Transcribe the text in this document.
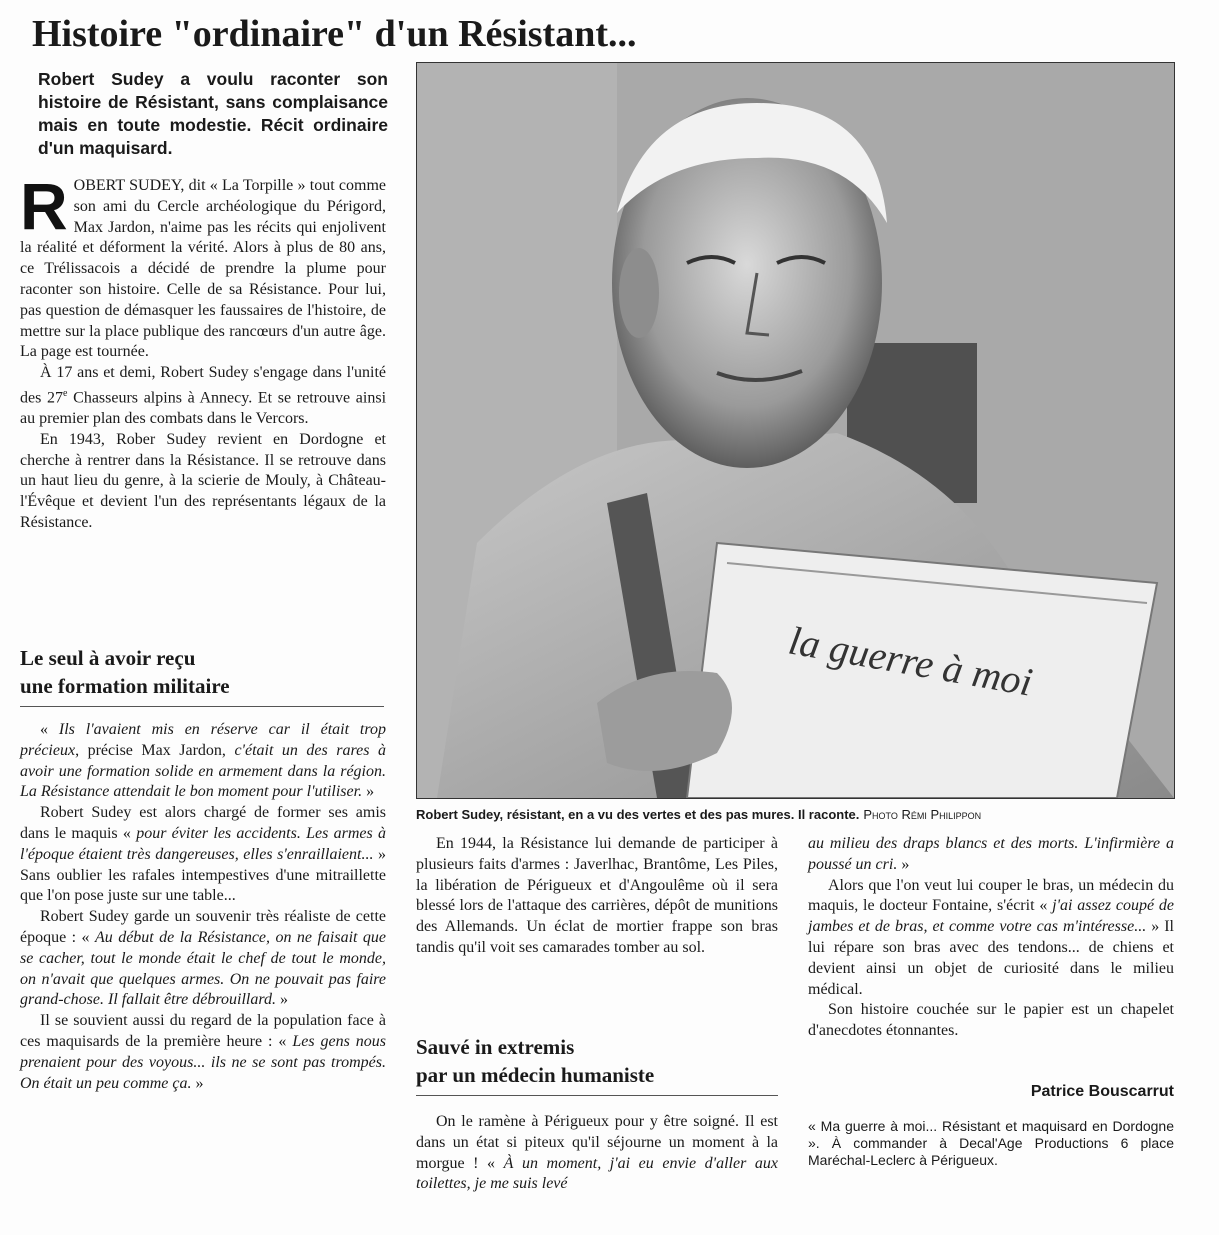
Histoire "ordinaire" d'un Résistant...

Robert Sudey a voulu raconter son histoire de Résistant, sans complaisance mais en toute modestie. Récit ordinaire d'un maquisard.

ROBERT SUDEY, dit « La Torpille » tout comme son ami du Cercle archéologique du Périgord, Max Jardon, n'aime pas les récits qui enjolivent la réalité et déforment la vérité. Alors à plus de 80 ans, ce Trélissacois a décidé de prendre la plume pour raconter son histoire. Celle de sa Résistance. Pour lui, pas question de démasquer les faussaires de l'histoire, de mettre sur la place publique des rancœurs d'un autre âge. La page est tournée.

À 17 ans et demi, Robert Sudey s'engage dans l'unité des 27e Chasseurs alpins à Annecy. Et se retrouve ainsi au premier plan des combats dans le Vercors.

En 1943, Rober Sudey revient en Dordogne et cherche à rentrer dans la Résistance. Il se retrouve dans un haut lieu du genre, à la scierie de Mouly, à Château-l'Évêque et devient l'un des représentants légaux de la Résistance.

Le seul à avoir reçu
une formation militaire

« Ils l'avaient mis en réserve car il était trop précieux, précise Max Jardon, c'était un des rares à avoir une formation solide en armement dans la région. La Résistance attendait le bon moment pour l'utiliser. »

Robert Sudey est alors chargé de former ses amis dans le maquis « pour éviter les accidents. Les armes à l'époque étaient très dangereuses, elles s'enraillaient... » Sans oublier les rafales intempestives d'une mitraillette que l'on pose juste sur une table...

Robert Sudey garde un souvenir très réaliste de cette époque : « Au début de la Résistance, on ne faisait que se cacher, tout le monde était le chef de tout le monde, on n'avait que quelques armes. On ne pouvait pas faire grand-chose. Il fallait être débrouillard. »

Il se souvient aussi du regard de la population face à ces maquisards de la première heure : « Les gens nous prenaient pour des voyous... ils ne se sont pas trompés. On était un peu comme ça. »

la guerre à moi
Robert Sudey, résistant, en a vu des vertes et des pas mures. Il raconte. Photo Rémi Philippon

En 1944, la Résistance lui demande de participer à plusieurs faits d'armes : Javerlhac, Brantôme, Les Piles, la libération de Périgueux et d'Angoulême où il sera blessé lors de l'attaque des carrières, dépôt de munitions des Allemands. Un éclat de mortier frappe son bras tandis qu'il voit ses camarades tomber au sol.

Sauvé in extremis
par un médecin humaniste

On le ramène à Périgueux pour y être soigné. Il est dans un état si piteux qu'il séjourne un moment à la morgue ! « À un moment, j'ai eu envie d'aller aux toilettes, je me suis levé

au milieu des draps blancs et des morts. L'infirmière a poussé un cri. »

Alors que l'on veut lui couper le bras, un médecin du maquis, le docteur Fontaine, s'écrit « j'ai assez coupé de jambes et de bras, et comme votre cas m'intéresse... » Il lui répare son bras avec des tendons... de chiens et devient ainsi un objet de curiosité dans le milieu médical.

Son histoire couchée sur le papier est un chapelet d'anecdotes étonnantes.

Patrice Bouscarrut
« Ma guerre à moi... Résistant et maquisard en Dordogne ». À commander à Decal'Age Productions 6 place Maréchal-Leclerc à Périgueux.
